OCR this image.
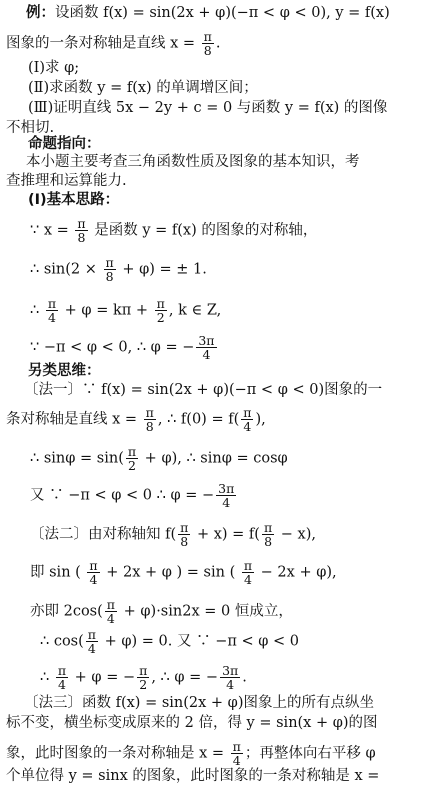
例：设函数 f(x) = sin(2x + φ)(−π < φ < 0), y = f(x)
图象的一条对称轴是直线 $x = \frac{\pi}{8}$ .
(Ⅰ)求 φ;
(Ⅱ)求函数 y = f(x) 的单调增区间；
(Ⅲ)证明直线 5x − 2y + c = 0 与函数 y = f(x) 的图像
不相切.
命题指向：
本小题主要考查三角函数性质及图象的基本知识，考
查推理和运算能力.
(Ⅰ)基本思路：
∵ $x = \frac{\pi}{8}$ 是函数 y = f(x) 的图象的对称轴，
∴ $\sin(2 \times \frac{\pi}{8} + \varphi)$ = ± 1.
∴ $\frac{\pi}{4} + \varphi = k\pi + \frac{\pi}{2}$ , k ∈ Z,
∵ −π < φ < 0, ∴ φ = − $\frac{3\pi}{4}$
另类思维：
〔法一〕∵ f(x) = sin(2x + φ)(−π < φ < 0)图象的一
条对称轴是直线 $x = \frac{\pi}{8}$ , ∴ $f(0) = f( \frac{\pi}{4}$ ),
∴ $\sin\varphi = \sin( \frac{\pi}{2} + \varphi)$, ∴ sinφ = cosφ
又 ∵ −π < φ < 0 ∴ φ = − $\frac{3\pi}{4}$
〔法二〕由对称轴知 $f( \frac{\pi}{8} + x) = f( \frac{\pi}{8} - x)$,
即 sin ( $\frac{\pi}{4} + 2x + \varphi$ ) = sin ( $\frac{\pi}{4} - 2x + \varphi$),
亦即 $2\cos( \frac{\pi}{4} + \varphi)\cdot\sin 2x = 0$ 恒成立，
∴ $\cos( \frac{\pi}{4} + \varphi) = 0$. 又 ∵ −π < φ < 0
∴ $\frac{\pi}{4} + \varphi$ = − $\frac{\pi}{2}$ , ∴ φ = − $\frac{3\pi}{4}$ .
〔法三〕函数 f(x) = sin(2x + φ)图象上的所有点纵坐
标不变，横坐标变成原来的 2 倍，得 y = sin(x + φ)的图
象，此时图象的一条对称轴是 $x = \frac{\pi}{4}$ ；再整体向右平移 φ
个单位得 y = sinx 的图象，此时图象的一条对称轴是 x =
